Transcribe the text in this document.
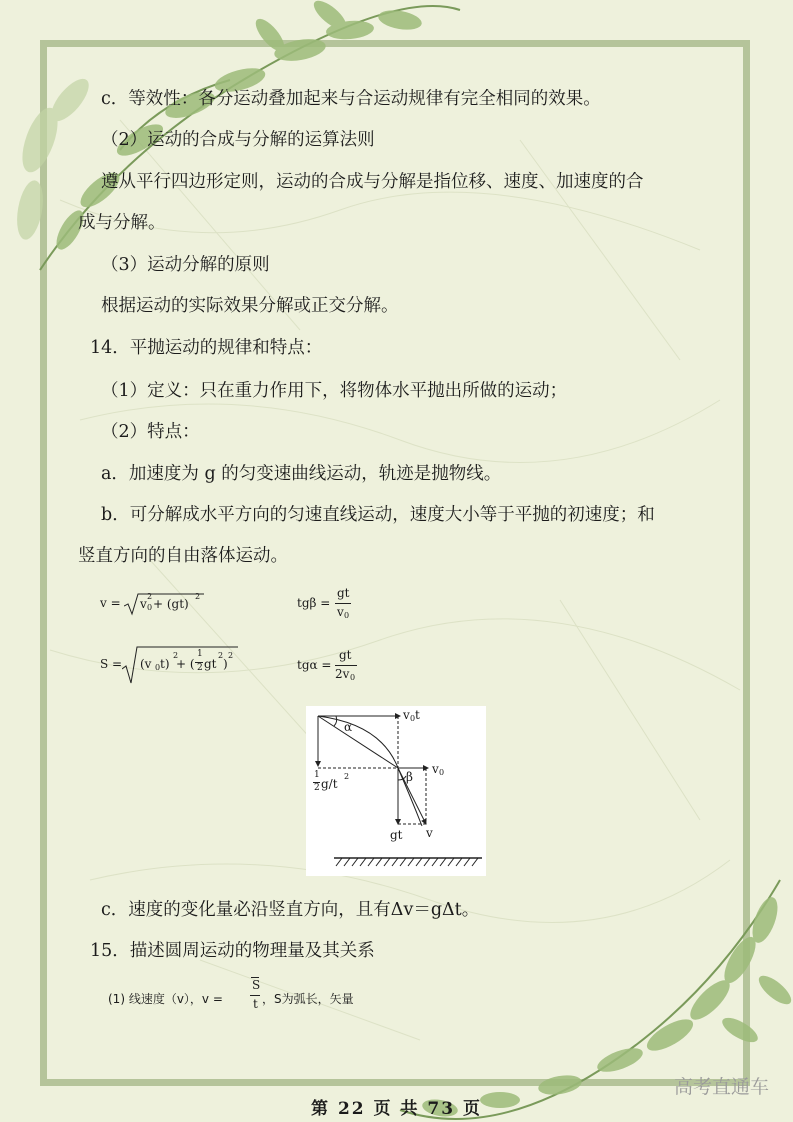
c．等效性：各分运动叠加起来与合运动规律有完全相同的效果。
（2）运动的合成与分解的运算法则
遵从平行四边形定则，运动的合成与分解是指位移、速度、加速度的合
成与分解。
（3）运动分解的原则
根据运动的实际效果分解或正交分解。
14．平抛运动的规律和特点：
（1）定义：只在重力作用下，将物体水平抛出所做的运动；
（2）特点：
a．加速度为 g 的匀变速曲线运动，轨迹是抛物线。
b．可分解成水平方向的匀速直线运动，速度大小等于平抛的初速度；和
竖直方向的自由落体运动。
v = v 0
2
+ (gt)
2	tgβ =
gt
v 0
S = (v 0 t)
2
+ (
1
2 gt
2
)
2
tgα =
gt
2v 0
v 0 t
α
β
v 0
1
2 g/t
2
gt v
c．速度的变化量必沿竖直方向，且有Δv＝gΔt。
15．描述圆周运动的物理量及其关系
(1) 线速度（v），v =
S
t ，S为弧长，矢量
高考直通车
第 22 页 共 73 页
